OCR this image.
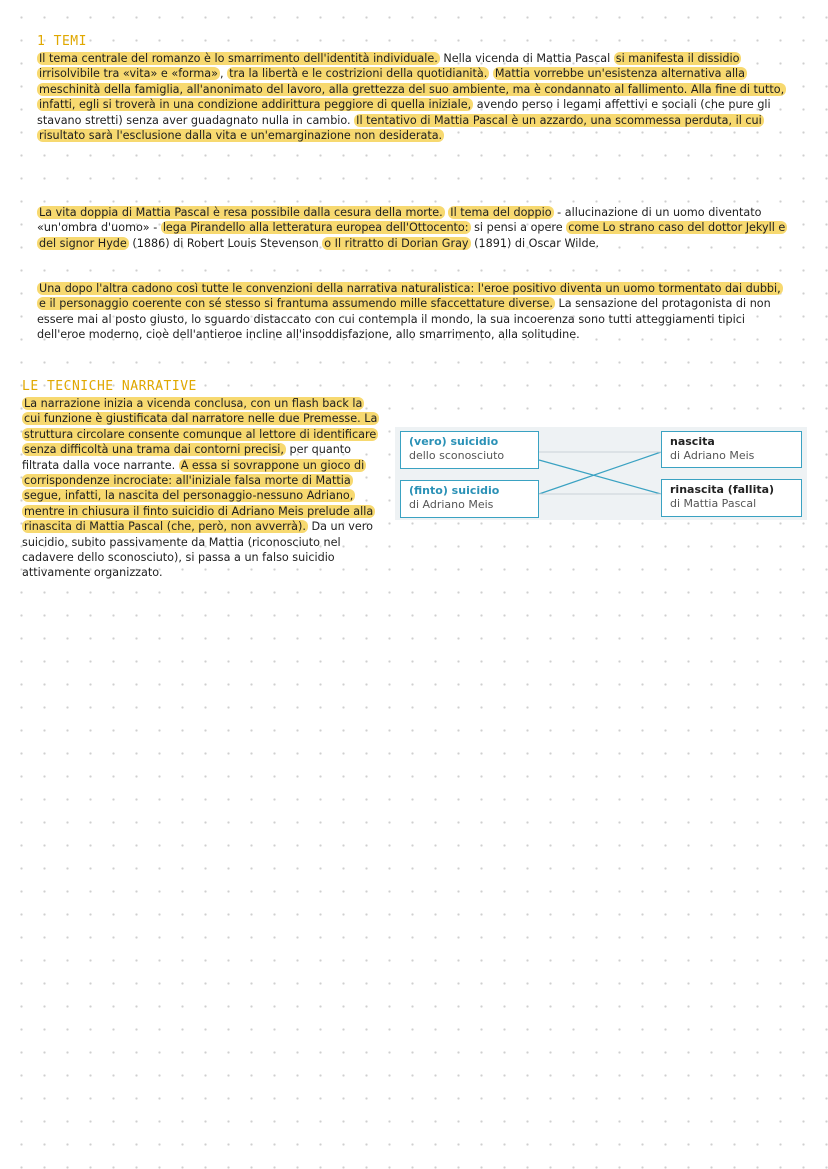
1 TEMI

Il tema centrale del romanzo è lo smarrimento dell'identità individuale. Nella vicenda di Mattia Pascal si manifesta il dissidio irrisolvibile tra «vita» e «forma» , tra la libertà e le costrizioni della quotidianità. Mattia vorrebbe un'esistenza alternativa alla meschinità della famiglia, all'anonimato del lavoro, alla grettezza del suo ambiente, ma è condannato al fallimento. Alla fine di tutto, infatti, egli si troverà in una condizione addirittura peggiore di quella iniziale, avendo perso i legami affettivi e sociali (che pure gli stavano stretti) senza aver guadagnato nulla in cambio. Il tentativo di Mattia Pascal è un azzardo, una scommessa perduta, il cui risultato sarà l'esclusione dalla vita e un'emarginazione non desiderata.

La vita doppia di Mattia Pascal è resa possibile dalla cesura della morte. Il tema del doppio - allucinazione di un uomo diventato «un'ombra d'uomo» - lega Pirandello alla letteratura europea dell'Ottocento: si pensi a opere come Lo strano caso del dottor Jekyll e del signor Hyde (1886) di Robert Louis Stevenson o Il ritratto di Dorian Gray (1891) di Oscar Wilde.

Una dopo l'altra cadono così tutte le convenzioni della narrativa naturalistica: l'eroe positivo diventa un uomo tormentato dai dubbi, e il personaggio coerente con sé stesso si frantuma assumendo mille sfaccettature diverse. La sensazione del protagonista di non essere mai al posto giusto, lo sguardo distaccato con cui contempla il mondo, la sua incoerenza sono tutti atteggiamenti tipici dell'eroe moderno, cioè dell'antieroe incline all'insoddisfazione, allo smarrimento, alla solitudine.

LE TECNICHE NARRATIVE

La narrazione inizia a vicenda conclusa, con un flash back la cui funzione è giustificata dal narratore nelle due Premesse. La struttura circolare consente comunque al lettore di identificare senza difficoltà una trama dai contorni precisi, per quanto filtrata dalla voce narrante. A essa si sovrappone un gioco di corrispondenze incrociate: all'iniziale falsa morte di Mattia segue, infatti, la nascita del personaggio-nessuno Adriano, mentre in chiusura il finto suicidio di Adriano Meis prelude alla rinascita di Mattia Pascal (che, però, non avverrà). Da un vero suicidio, subito passivamente da Mattia (riconosciuto nel cadavere dello sconosciuto), si passa a un falso suicidio attivamente organizzato.

(vero) suicidio
dello sconosciuto
(finto) suicidio
di Adriano Meis
nascita
di Adriano Meis
rinascita (fallita)
di Mattia Pascal
